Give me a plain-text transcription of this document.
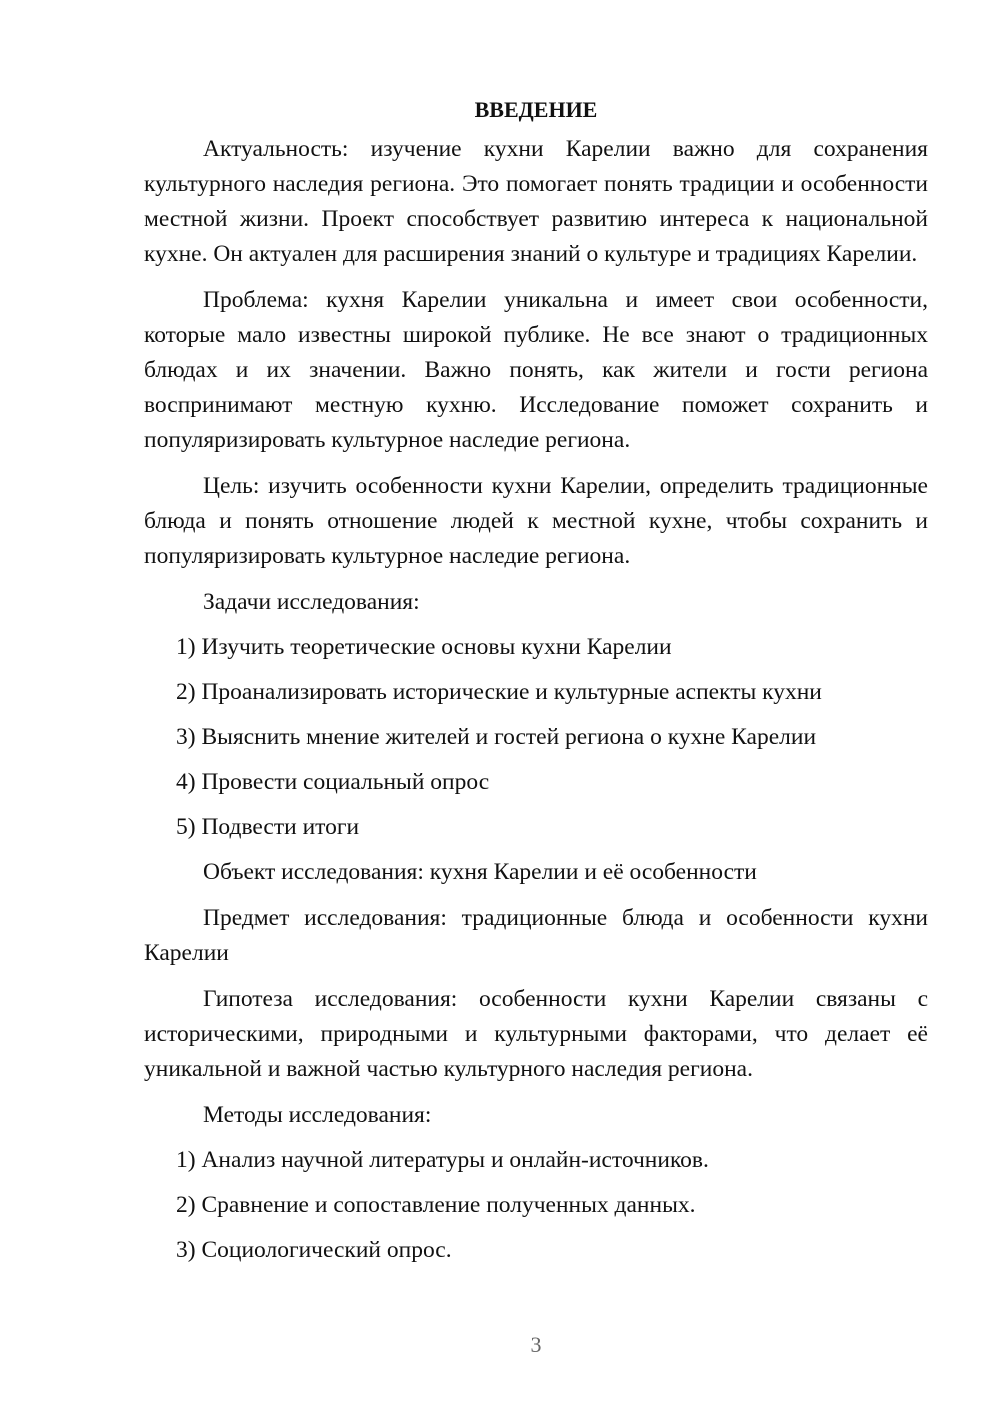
ВВЕДЕНИЕ

Актуальность: изучение кухни Карелии важно для сохранения культурного наследия региона. Это помогает понять традиции и особенности местной жизни. Проект способствует развитию интереса к национальной кухне. Он актуален для расширения знаний о культуре и традициях Карелии.

Проблема: кухня Карелии уникальна и имеет свои особенности, которые мало известны широкой публике. Не все знают о традиционных блюдах и их значении. Важно понять, как жители и гости региона воспринимают местную кухню. Исследование поможет сохранить и популяризировать культурное наследие региона.

Цель: изучить особенности кухни Карелии, определить традиционные блюда и понять отношение людей к местной кухне, чтобы сохранить и популяризировать культурное наследие региона.

Задачи исследования:
1) Изучить теоретические основы кухни Карелии
2) Проанализировать исторические и культурные аспекты кухни
3) Выяснить мнение жителей и гостей региона о кухне Карелии
4) Провести социальный опрос
5) Подвести итоги

Объект исследования: кухня Карелии и её особенности

Предмет исследования: традиционные блюда и особенности кухни Карелии

Гипотеза исследования: особенности кухни Карелии связаны с историческими, природными и культурными факторами, что делает её уникальной и важной частью культурного наследия региона.

Методы исследования:
1) Анализ научной литературы и онлайн-источников.
2) Сравнение и сопоставление полученных данных.
3) Социологический опрос.
3
